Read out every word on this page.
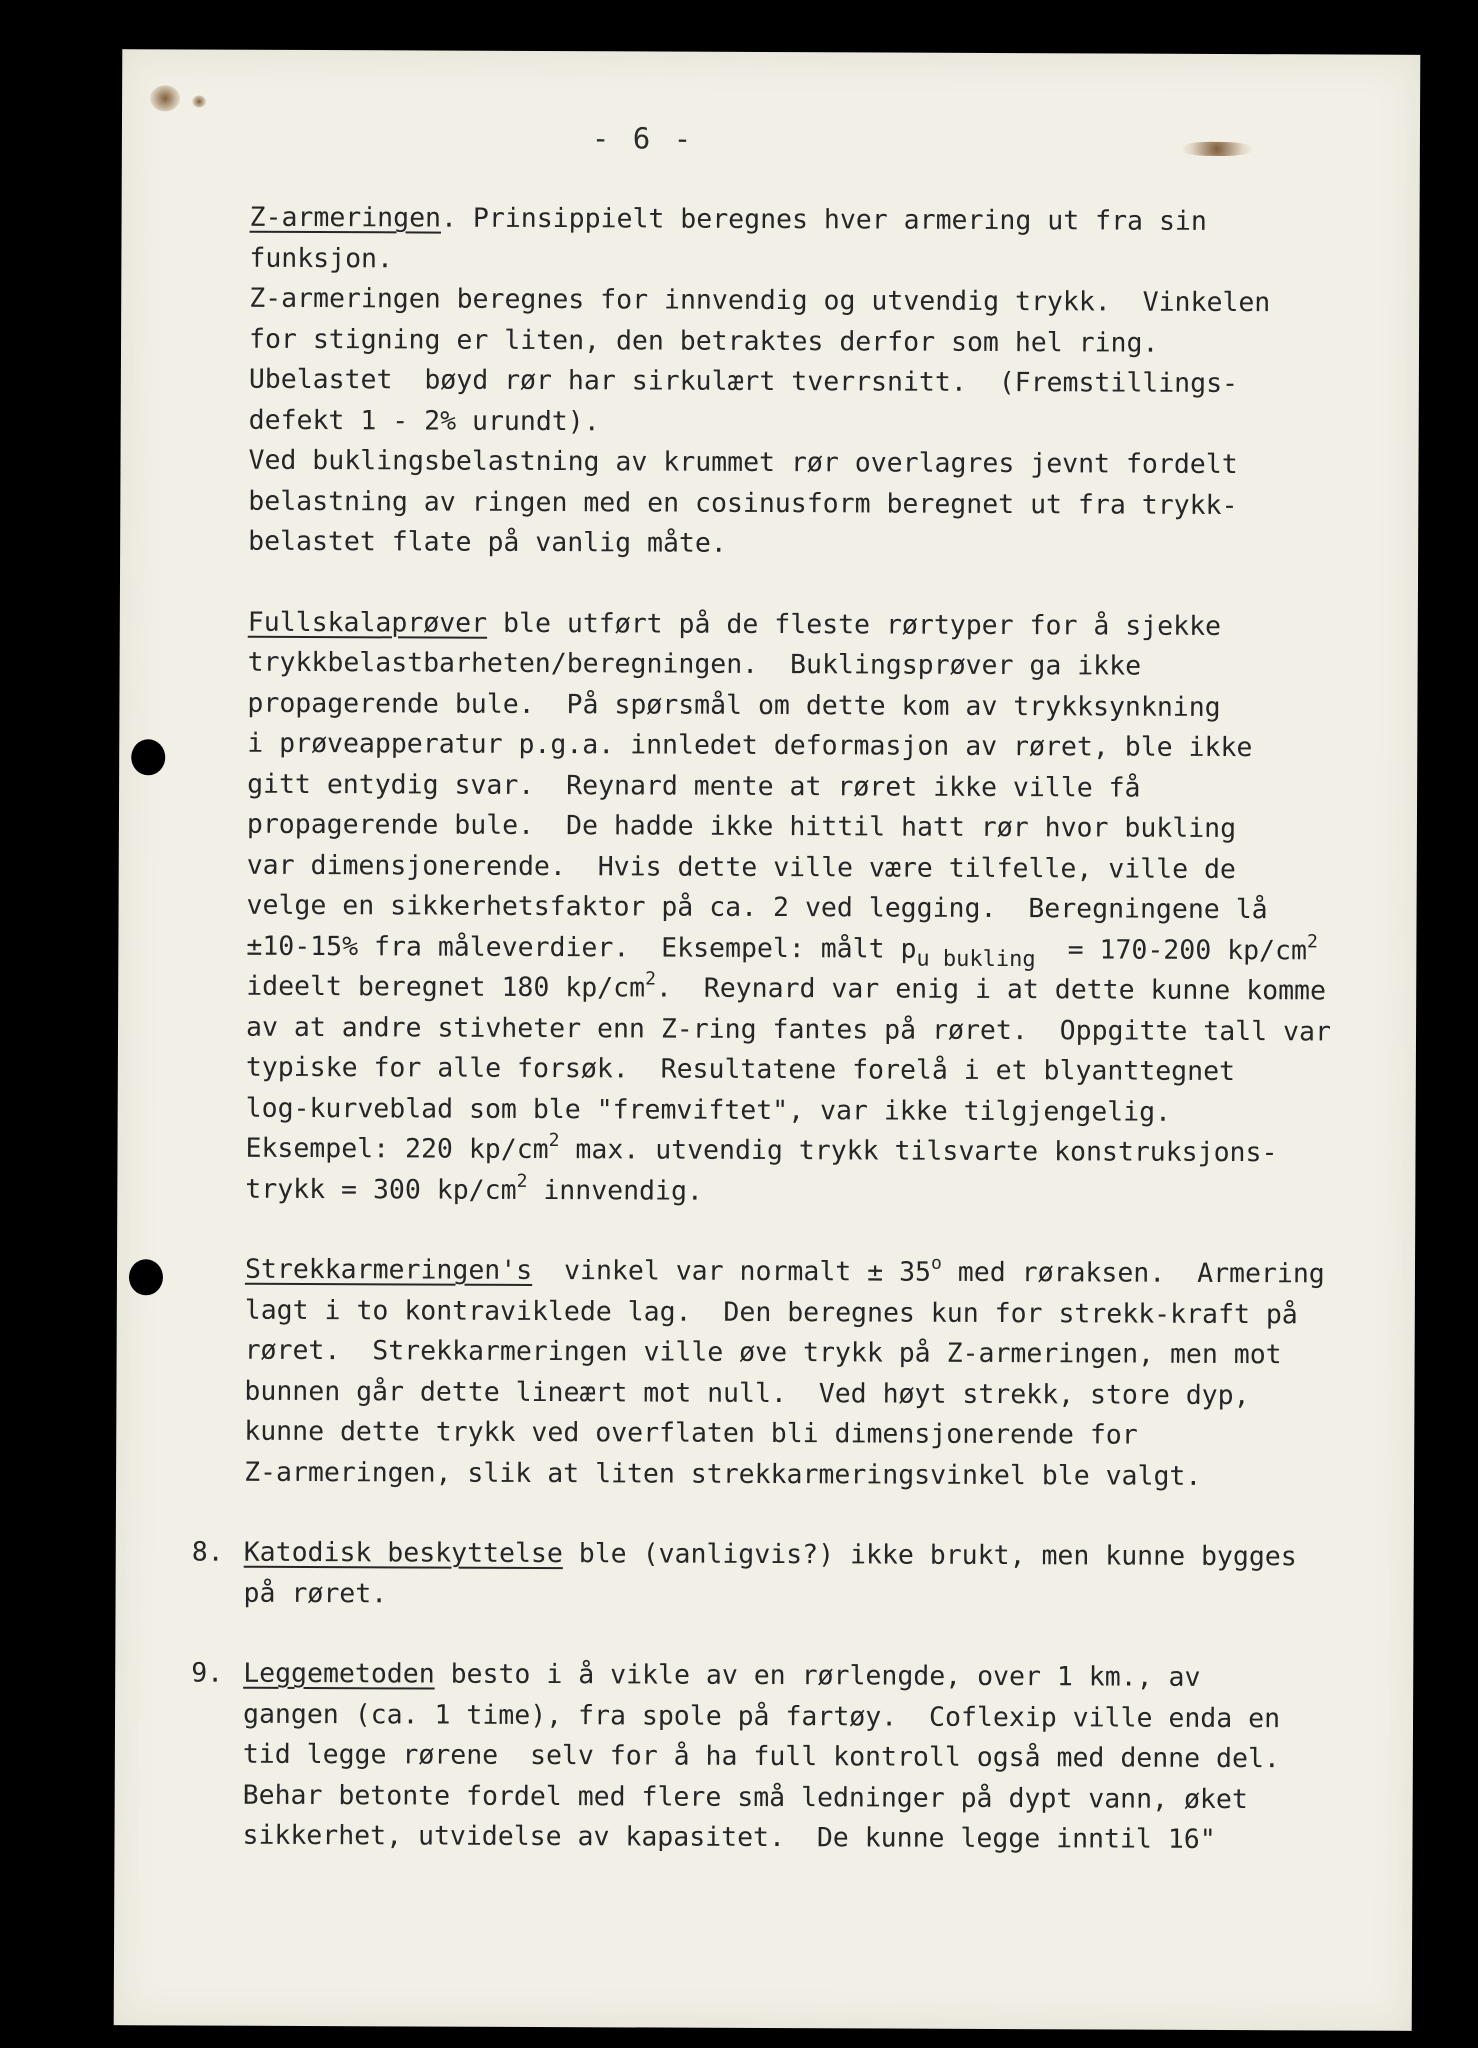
- 6 -
Z-armeringen. Prinsippielt beregnes hver armering ut fra sin
funksjon.
Z-armeringen beregnes for innvendig og utvendig trykk.  Vinkelen
for stigning er liten, den betraktes derfor som hel ring.
Ubelastet  bøyd rør har sirkulært tverrsnitt.  (Fremstillings-
defekt 1 - 2% urundt).
Ved buklingsbelastning av krummet rør overlagres jevnt fordelt
belastning av ringen med en cosinusform beregnet ut fra trykk-
belastet flate på vanlig måte.
Fullskalaprøver ble utført på de fleste rørtyper for å sjekke
trykkbelastbarheten/beregningen.  Buklingsprøver ga ikke
propagerende bule.  På spørsmål om dette kom av trykksynkning
i prøveapperatur p.g.a. innledet deformasjon av røret, ble ikke
gitt entydig svar.  Reynard mente at røret ikke ville få
propagerende bule.  De hadde ikke hittil hatt rør hvor bukling
var dimensjonerende.  Hvis dette ville være tilfelle, ville de
velge en sikkerhetsfaktor på ca. 2 ved legging.  Beregningene lå
±10-15% fra måleverdier.  Eksempel: målt $p_{u bukling} = 170-200$ $kp/cm^2$
ideelt beregnet 180 $kp/cm^2$.  Reynard var enig i at dette kunne komme
av at andre stivheter enn Z-ring fantes på røret.  Oppgitte tall var
typiske for alle forsøk.  Resultatene forelå i et blyanttegnet
log-kurveblad som ble "fremviftet", var ikke tilgjengelig.
Eksempel: 220 $kp/cm^2$ max. utvendig trykk tilsvarte konstruksjons-
trykk = 300 $kp/cm^2$ innvendig.
Strekkarmeringen's  vinkel var normalt ± $35^o$ med røraksen.  Armering
lagt i to kontraviklede lag.  Den beregnes kun for strekk-kraft på
røret.  Strekkarmeringen ville øve trykk på Z-armeringen, men mot
bunnen går dette lineært mot null.  Ved høyt strekk, store dyp,
kunne dette trykk ved overflaten bli dimensjonerende for
Z-armeringen, slik at liten strekkarmeringsvinkel ble valgt.
8. Katodisk beskyttelse ble (vanligvis?) ikke brukt, men kunne bygges
på røret.
9. Leggemetoden besto i å vikle av en rørlengde, over 1 km., av
gangen (ca. 1 time), fra spole på fartøy.  Coflexip ville enda en
tid legge rørene  selv for å ha full kontroll også med denne del.
Behar betonte fordel med flere små ledninger på dypt vann, øket
sikkerhet, utvidelse av kapasitet.  De kunne legge inntil 16"
